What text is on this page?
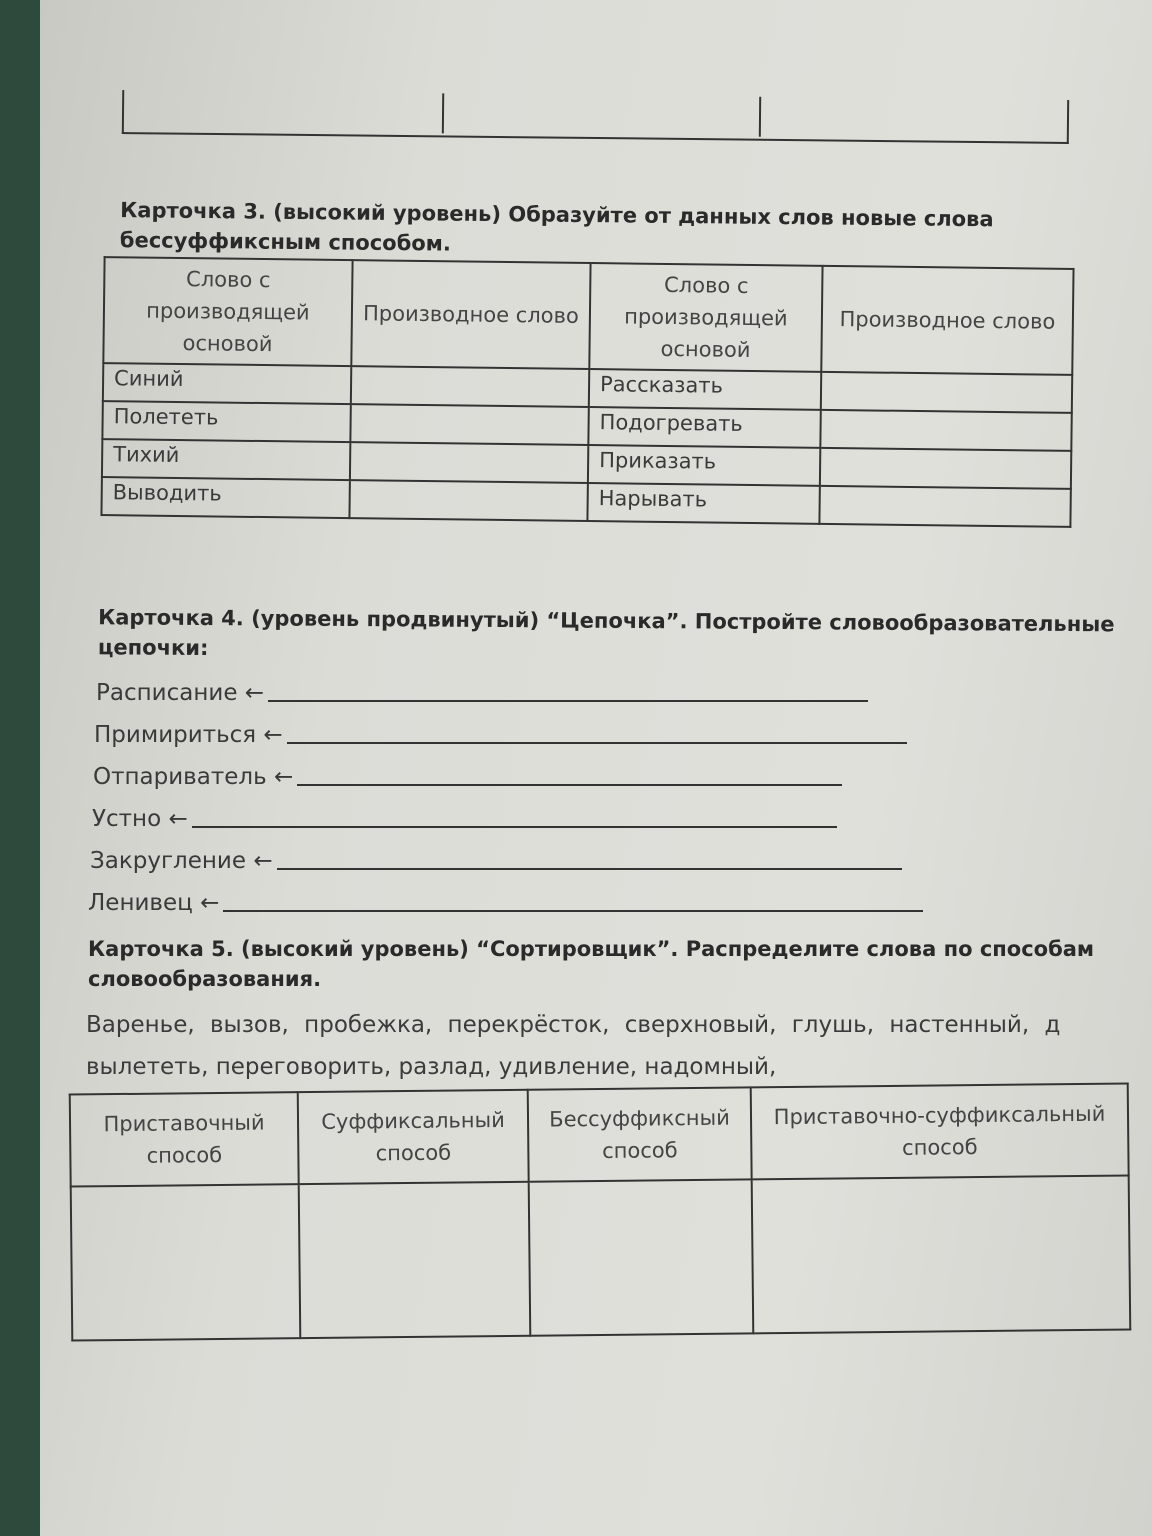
Карточка 3. (высокий уровень) Образуйте от данных слов новые слова бессуффиксным способом.
Слово с производящей основой	Производное слово	Слово с производящей основой	Производное слово
Синий		Рассказать	
Полететь		Подогревать	
Тихий		Приказать	
Выводить		Нарывать	
Карточка 4. (уровень продвинутый) “Цепочка”. Постройте словообразовательные цепочки:
Расписание ←
Примириться ←
Отпариватель ←
Устно ←
Закругление ←
Ленивец ←
Карточка 5. (высокий уровень) “Сортировщик”. Распределите слова по способам словообразования.
Варенье, вызов, пробежка, перекрёсток, сверхновый, глушь, настенный, д
вылететь, переговорить, разлад, удивление, надомный,
Приставочный способ	Суффиксальный способ	Бессуффиксный способ	Приставочно-суффиксальный способ
